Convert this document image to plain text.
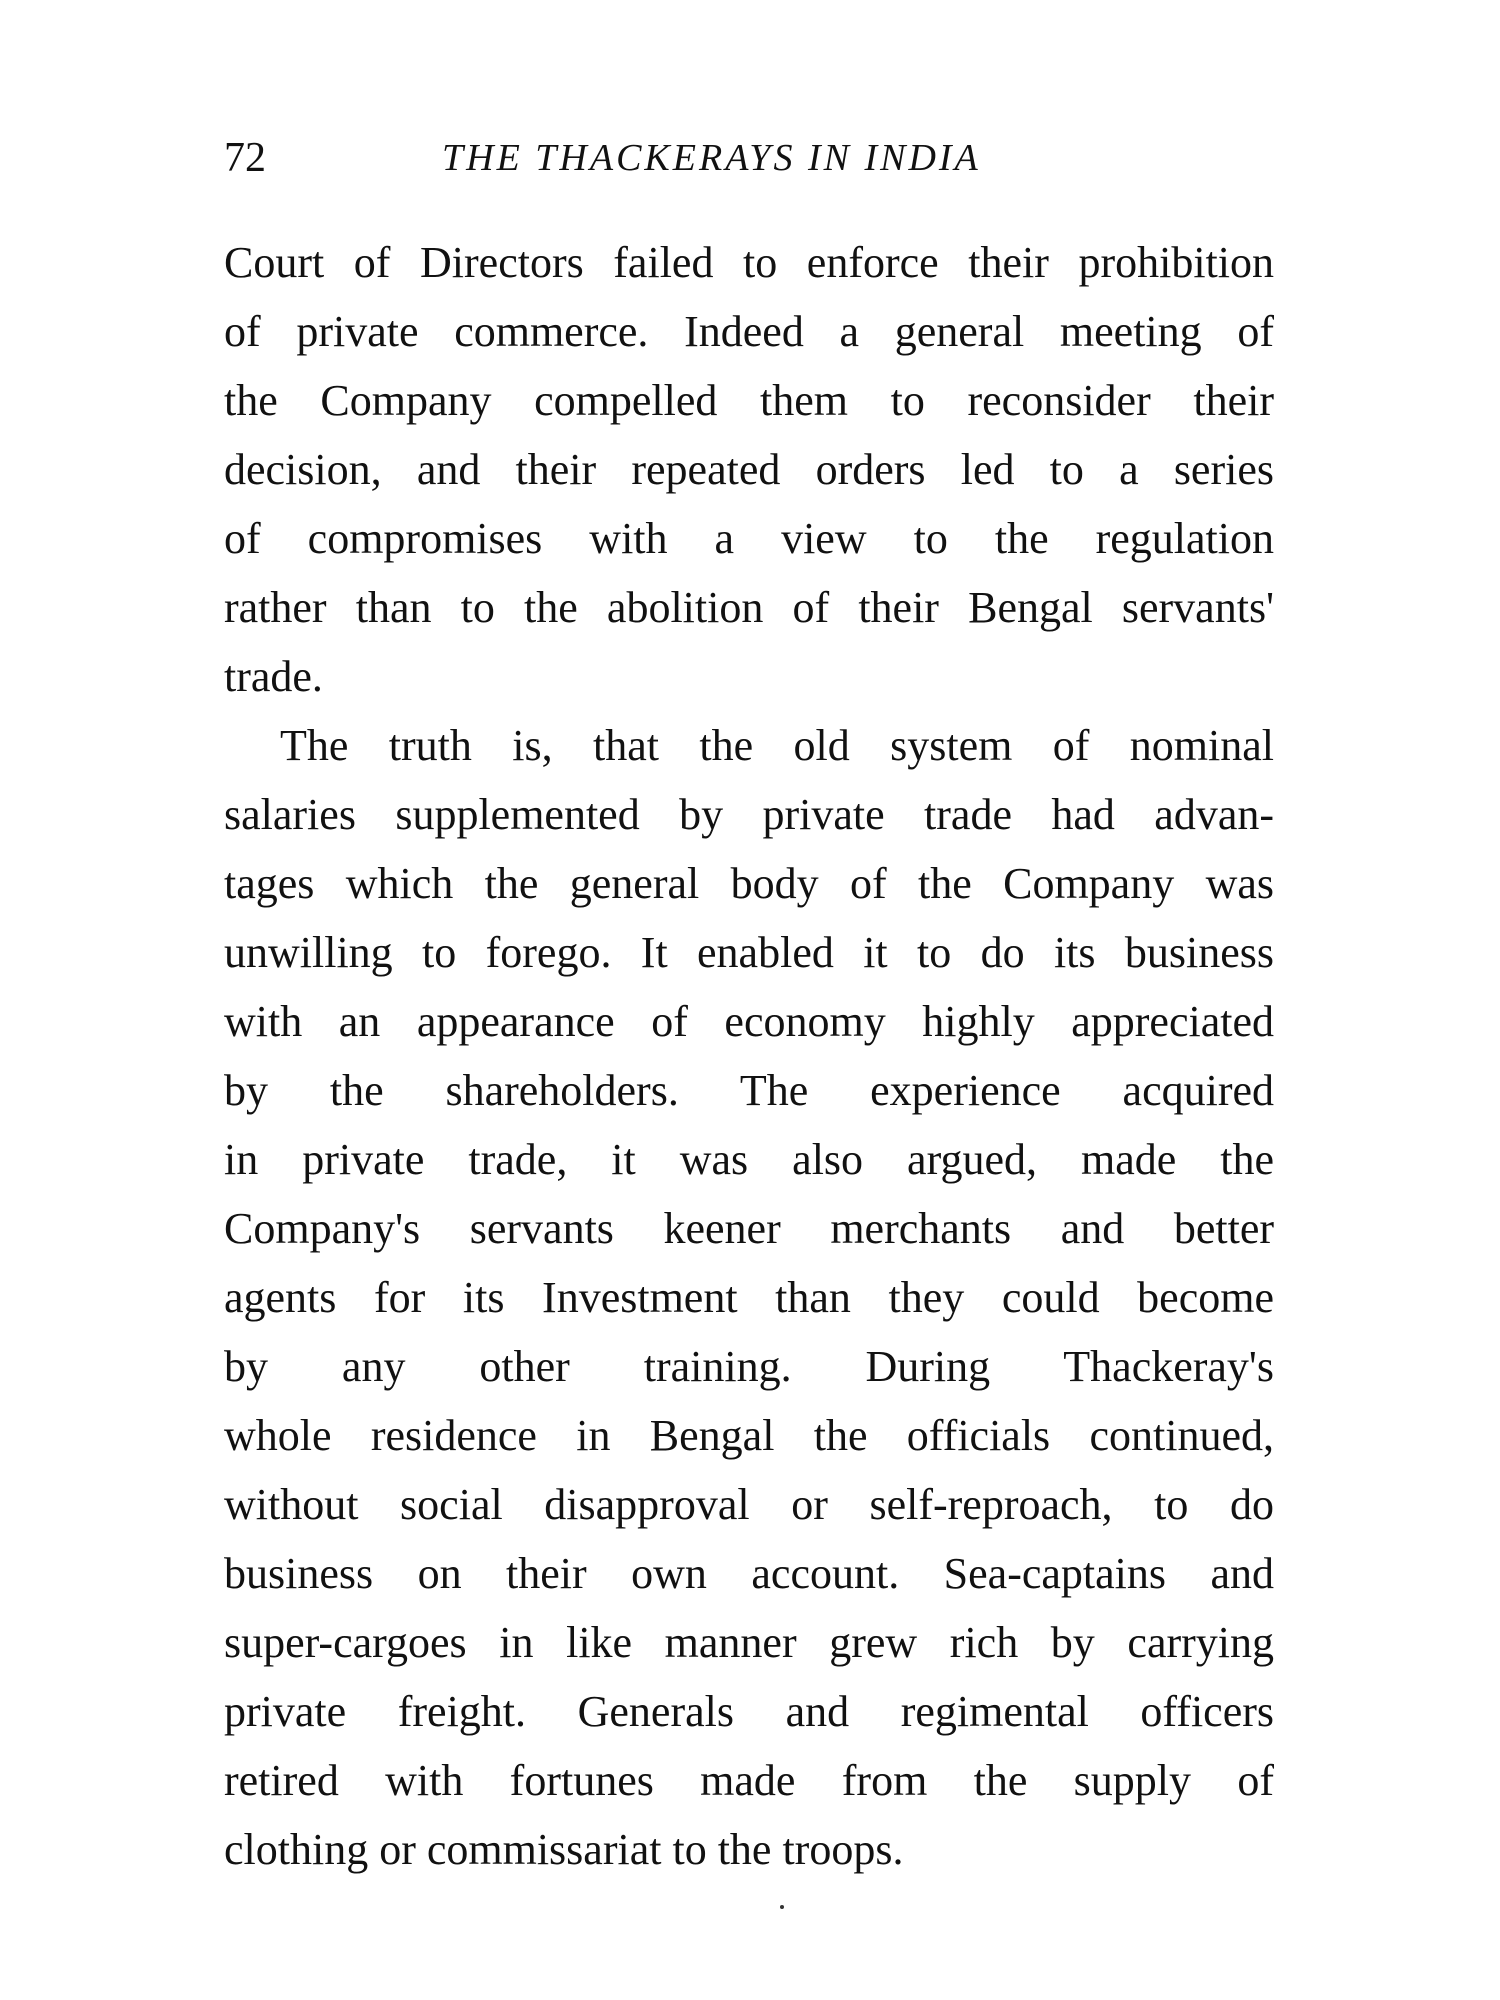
72	THE THACKERAYS IN INDIA
Court of Directors failed to enforce their prohibition
of private commerce. Indeed a general meeting of
the Company compelled them to reconsider their
decision, and their repeated orders led to a series
of compromises with a view to the regulation
rather than to the abolition of their Bengal servants'
trade.
The truth is, that the old system of nominal
salaries supplemented by private trade had advan-
tages which the general body of the Company was
unwilling to forego. It enabled it to do its business
with an appearance of economy highly appreciated
by the shareholders. The experience acquired
in private trade, it was also argued, made the
Company's servants keener merchants and better
agents for its Investment than they could become
by any other training. During Thackeray's
whole residence in Bengal the officials continued,
without social disapproval or self-reproach, to do
business on their own account. Sea-captains and
super-cargoes in like manner grew rich by carrying
private freight. Generals and regimental officers
retired with fortunes made from the supply of
clothing or commissariat to the troops.
